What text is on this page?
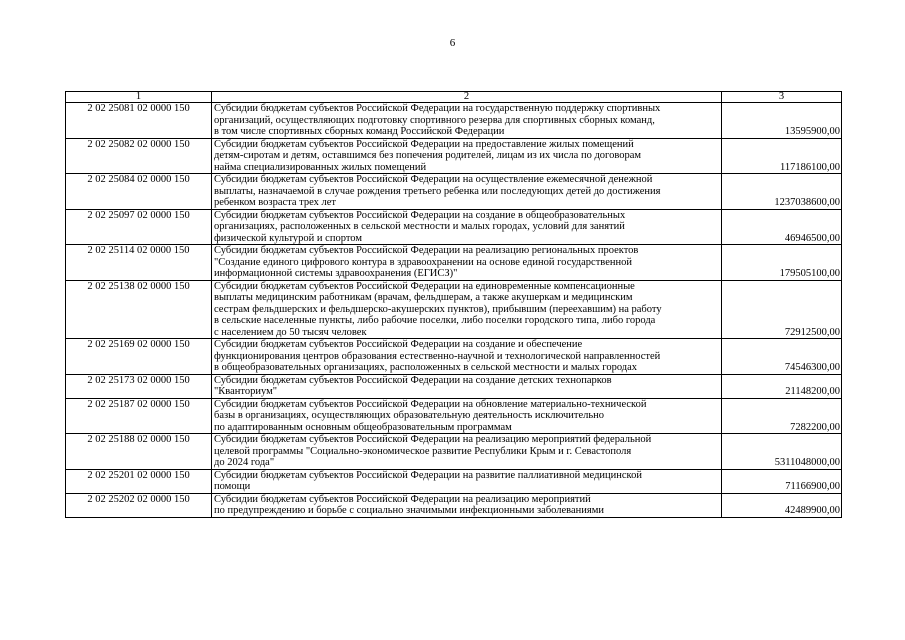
6
1	2	3
2 02 25081 02 0000 150	Субсидии бюджетам субъектов Российской Федерации на государственную поддержку спортивных
организаций, осуществляющих подготовку спортивного резерва для спортивных сборных команд,
в том числе спортивных сборных команд Российской Федерации	13595900,00
2 02 25082 02 0000 150	Субсидии бюджетам субъектов Российской Федерации на предоставление жилых помещений
детям-сиротам и детям, оставшимся без попечения родителей, лицам из их числа по договорам
найма специализированных жилых помещений	117186100,00
2 02 25084 02 0000 150	Субсидии бюджетам субъектов Российской Федерации на осуществление ежемесячной денежной
выплаты, назначаемой в случае рождения третьего ребенка или последующих детей до достижения
ребенком возраста трех лет	1237038600,00
2 02 25097 02 0000 150	Субсидии бюджетам субъектов Российской Федерации на создание в общеобразовательных
организациях, расположенных в сельской местности и малых городах, условий для занятий
физической культурой и спортом	46946500,00
2 02 25114 02 0000 150	Субсидии бюджетам субъектов Российской Федерации на реализацию региональных проектов
"Создание единого цифрового контура в здравоохранении на основе единой государственной
информационной системы здравоохранения (ЕГИСЗ)"	179505100,00
2 02 25138 02 0000 150	Субсидии бюджетам субъектов Российской Федерации на единовременные компенсационные
выплаты медицинским работникам (врачам, фельдшерам, а также акушеркам и медицинским
сестрам фельдшерских и фельдшерско-акушерских пунктов), прибывшим (переехавшим) на работу
в сельские населенные пункты, либо рабочие поселки, либо поселки городского типа, либо города
с населением до 50 тысяч человек	72912500,00
2 02 25169 02 0000 150	Субсидии бюджетам субъектов Российской Федерации на создание и обеспечение
функционирования центров образования естественно-научной и технологической направленностей
в общеобразовательных организациях, расположенных в сельской местности и малых городах	74546300,00
2 02 25173 02 0000 150	Субсидии бюджетам субъектов Российской Федерации на создание детских технопарков
"Кванториум"	21148200,00
2 02 25187 02 0000 150	Субсидии бюджетам субъектов Российской Федерации на обновление материально-технической
базы в организациях, осуществляющих образовательную деятельность исключительно
по адаптированным основным общеобразовательным программам	7282200,00
2 02 25188 02 0000 150	Субсидии бюджетам субъектов Российской Федерации на реализацию мероприятий федеральной
целевой программы "Социально-экономическое развитие Республики Крым и г. Севастополя
до 2024 года"	5311048000,00
2 02 25201 02 0000 150	Субсидии бюджетам субъектов Российской Федерации на развитие паллиативной медицинской
помощи	71166900,00
2 02 25202 02 0000 150	Субсидии бюджетам субъектов Российской Федерации на реализацию мероприятий
по предупреждению и борьбе с социально значимыми инфекционными заболеваниями	42489900,00
